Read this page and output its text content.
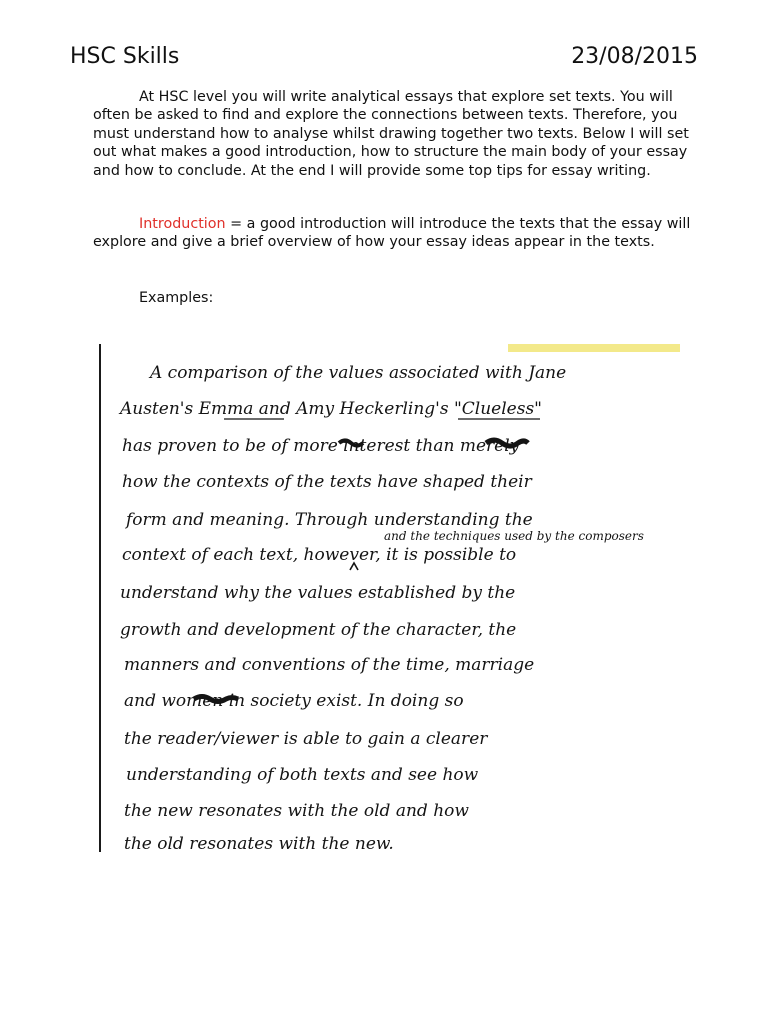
HSC Skills	23/08/2015

At HSC level you will write analytical essays that explore set texts. You will often be asked to find and explore the connections between texts. Therefore, you must understand how to analyse whilst drawing together two texts. Below I will set out what makes a good introduction, how to structure the main body of your essay and how to conclude. At the end I will provide some top tips for essay writing.

Introduction = a good introduction will introduce the texts that the essay will explore and give a brief overview of how your essay ideas appear in the texts.

Examples:

A comparison of the values associated with Jane
Austen's Emma and Amy Heckerling's "Clueless"
has proven to be of more interest than merely
how the contexts of the texts have shaped their
form and meaning. Through understanding the
and the techniques used by the composers
context of each text, however, it is possible to
understand why the values established by the
growth and development of the character, the
manners and conventions of the time, marriage
and women in society exist. In doing so
the reader/viewer is able to gain a clearer
understanding of both texts and see how
the new resonates with the old and how
the old resonates with the new.
